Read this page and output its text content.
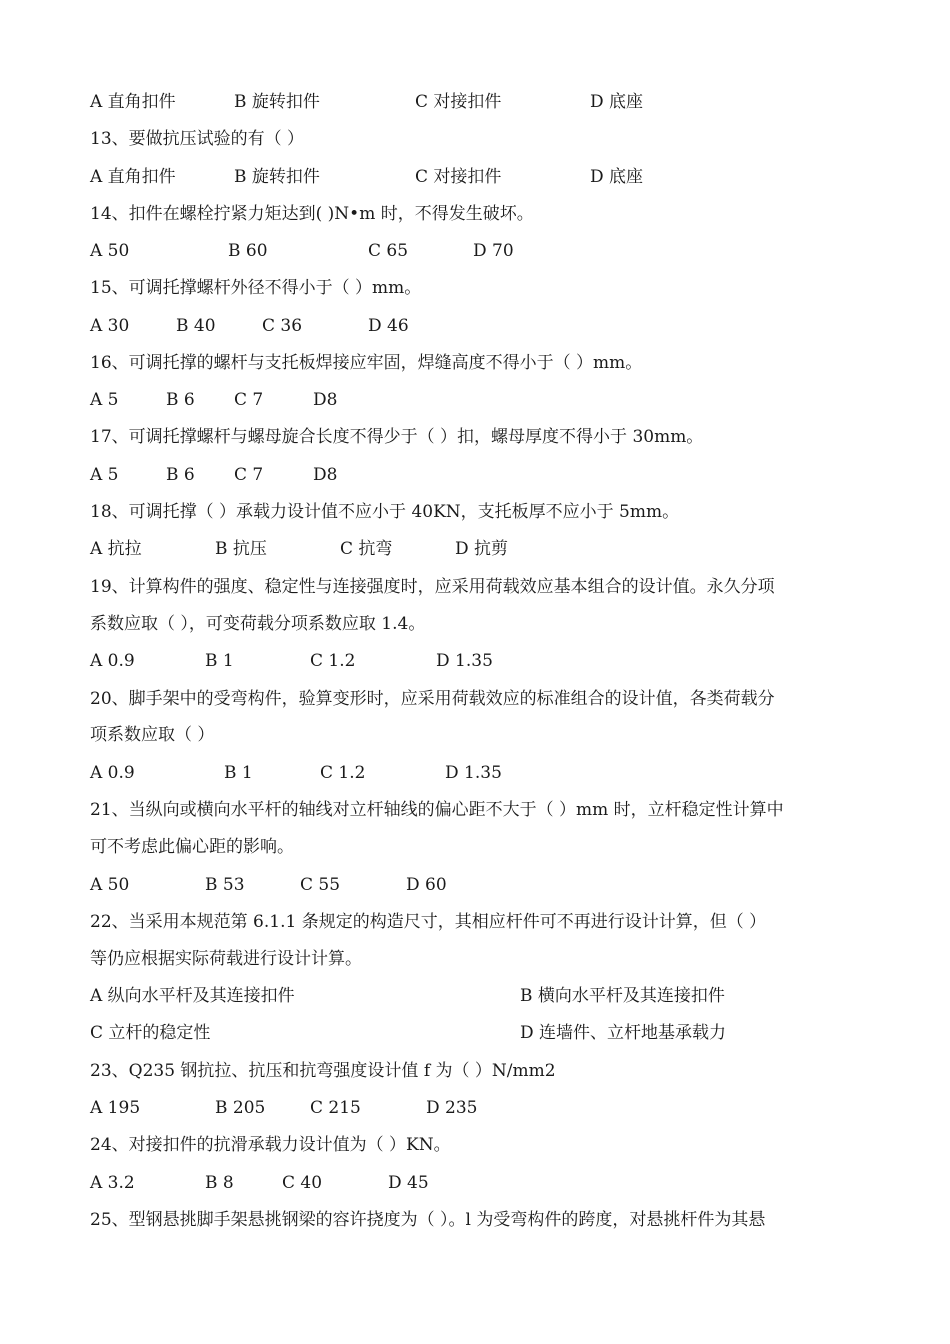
A 直角扣件	B 旋转扣件	C 对接扣件	D 底座
13、要做抗压试验的有（ ）
A 直角扣件	B 旋转扣件	C 对接扣件	D 底座
14、扣件在螺栓拧紧力矩达到( )N•m 时，不得发生破坏。
A 50	B 60	C 65	D 70
15、可调托撑螺杆外径不得小于（ ）mm。
A 30	B 40	C 36	D 46
16、可调托撑的螺杆与支托板焊接应牢固，焊缝高度不得小于（ ）mm。
A 5	B 6 C 7	D8
17、可调托撑螺杆与螺母旋合长度不得少于（ ）扣，螺母厚度不得小于 30mm。
A 5	B 6 C 7	D8
18、可调托撑（ ）承载力设计值不应小于 40KN，支托板厚不应小于 5mm。
A 抗拉	B 抗压	C 抗弯	D 抗剪
19、计算构件的强度、稳定性与连接强度时，应采用荷载效应基本组合的设计值。永久分项
系数应取（ ），可变荷载分项系数应取 1.4。
A 0.9	B 1	C 1.2	D 1.35
20、脚手架中的受弯构件，验算变形时，应采用荷载效应的标准组合的设计值，各类荷载分
项系数应取（ ）
A 0.9	B 1	C 1.2	D 1.35
21、当纵向或横向水平杆的轴线对立杆轴线的偏心距不大于（ ）mm 时，立杆稳定性计算中
可不考虑此偏心距的影响。
A 50	B 53	C 55	D 60
22、当采用本规范第 6.1.1 条规定的构造尺寸，其相应杆件可不再进行设计计算，但（ ）
等仍应根据实际荷载进行设计计算。
A 纵向水平杆及其连接扣件	B 横向水平杆及其连接扣件
C 立杆的稳定性	D 连墙件、立杆地基承载力
23、Q235 钢抗拉、抗压和抗弯强度设计值 f 为（ ）N/mm2
A 195	B 205	C 215	D 235
24、对接扣件的抗滑承载力设计值为（ ）KN。
A 3.2	B 8	C 40	D 45
25、型钢悬挑脚手架悬挑钢梁的容许挠度为（ ）。l 为受弯构件的跨度，对悬挑杆件为其悬
